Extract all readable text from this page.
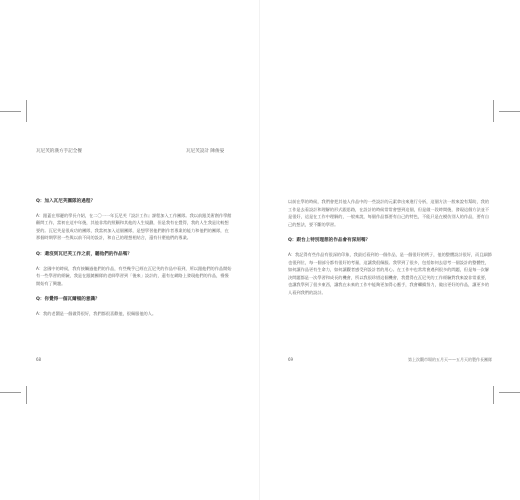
瓦尼芙的漢方手記全餐	瓦尼芙設計 陳俊晏
Q：加入瓦尼芙團隊的過程？
A：跟蓋在那邊的學長介紹，在二〇一一年瓦尼芙『設計工作』課程加入工作團隊。我以前跟美術創作學館顧問工作，當初在這中年後，其他非常的照顧和其他的人生規劃，但是我有在覺得，我的人生我是比較想要的。瓦尼芙是很成功的團隊，我當初加入這個團隊，是想學習他們創作者專業的能力和他們的團隊，在那個時期學習一些與以前不同的設計，和自己的理想相結合，還有什麼他們的專業。
Q：還沒到瓦尼芙工作之前，聽他們的作品嗎？
A：念國中的時候，我有接觸過他們的作品，有些幾乎已經在瓦尼芙的作品中看到，所以跟他們的作品開始有一些學習的經驗，我是在跟隨團隊的老師學習到「後來」設計的，還有在網路上發現他們的作品，慢慢開始有了興趣。
Q：你覺得一個瓦爾頓的意識？
A：我的老闆是一個做得很好，我們都很喜歡他，很佩服他的人。
68
以前在學的時候，我們會把其他人作品中的一些設計的元素拿出來進行分析，這個方法一般來說有幫助，我的工作是去看設計和理解的形式跟思路，在設計的時候常常會想到這個，但是做一段時間後，發現這個方法並不是很好，這是在工作中理解的，一般來說，每個作品都要有自己的特色，不能只是在模仿別人的作品，要有自己的想法，要不斷的學習。
Q：跟台上特別理想的作品會有深刻嗎？
A：我記得有些作品有很深的印象，我最近看到的一個作品，是一個很好的例子，他的整體設計很好，而且細節也很到位，每一個部分都有很好的考量，這讓我很佩服。我學到了很多，包括如何去思考一個設計的整體性，如何讓作品更有生命力，如何讓觀者感受到設計者的用心。在工作中也常常會遇到很多的問題，但是每一次解決問題都是一次學習和成長的機會，所以我很珍惜這個機會，我覺得在瓦尼芙的工作經驗對我來說非常重要，也讓我學到了很多東西，讓我在未來的工作中能夠更加得心應手，我會繼續努力，做出更好的作品，讓更多的人看到我們的設計。
69	第上次觀市場的五月天——五月天的製作長團隊
